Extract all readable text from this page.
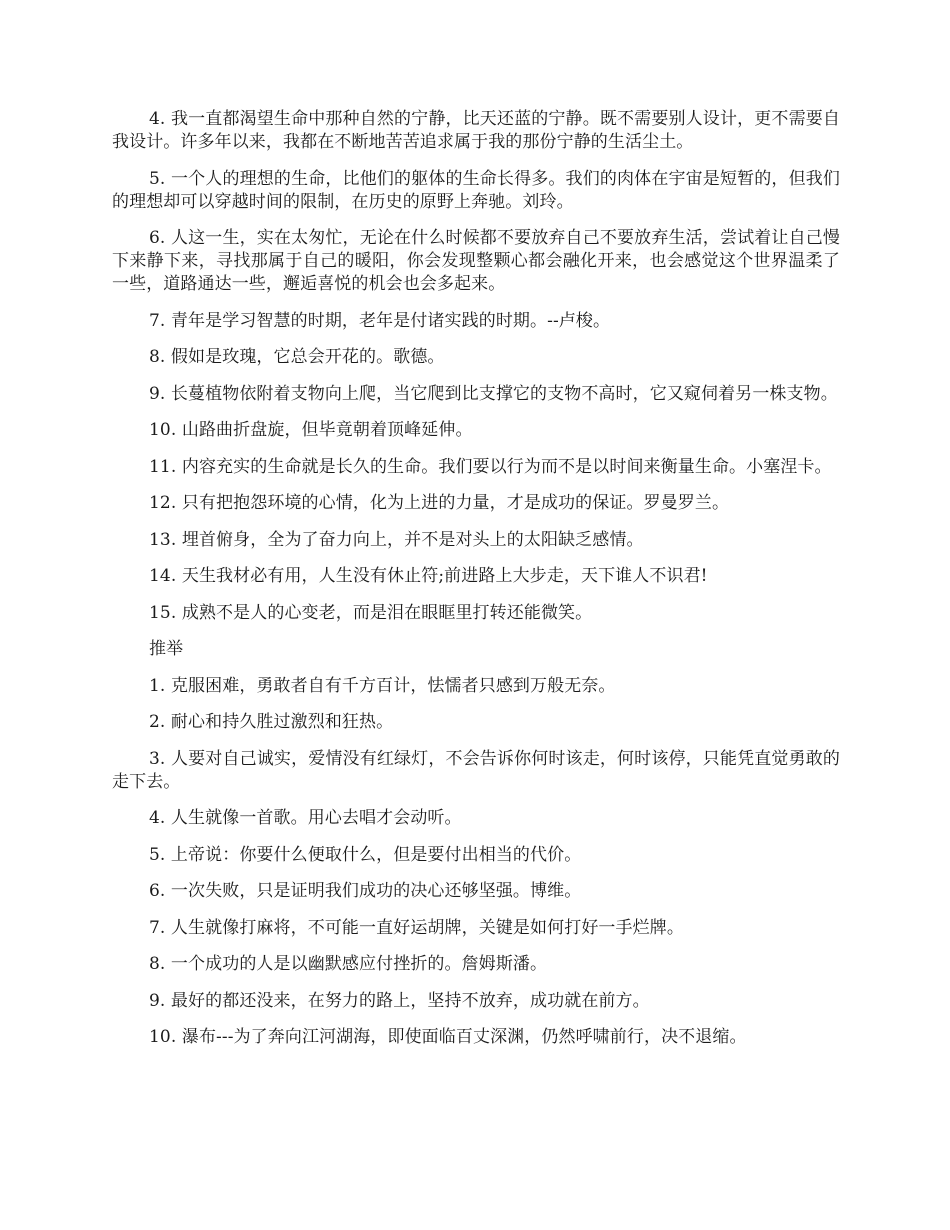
4. 我一直都渴望生命中那种自然的宁静，比天还蓝的宁静。既不需要别人设计，更不需要自我设计。许多年以来，我都在不断地苦苦追求属于我的那份宁静的生活尘土。

5. 一个人的理想的生命，比他们的躯体的生命长得多。我们的肉体在宇宙是短暂的，但我们的理想却可以穿越时间的限制，在历史的原野上奔驰。刘玲。

6. 人这一生，实在太匆忙，无论在什么时候都不要放弃自己不要放弃生活，尝试着让自己慢下来静下来，寻找那属于自己的暖阳，你会发现整颗心都会融化开来，也会感觉这个世界温柔了一些，道路通达一些，邂逅喜悦的机会也会多起来。

7. 青年是学习智慧的时期，老年是付诸实践的时期。--卢梭。

8. 假如是玫瑰，它总会开花的。歌德。

9. 长蔓植物依附着支物向上爬，当它爬到比支撑它的支物不高时，它又窥伺着另一株支物。

10. 山路曲折盘旋，但毕竟朝着顶峰延伸。

11. 内容充实的生命就是长久的生命。我们要以行为而不是以时间来衡量生命。小塞涅卡。

12. 只有把抱怨环境的心情，化为上进的力量，才是成功的保证。罗曼罗兰。

13. 埋首俯身，全为了奋力向上，并不是对头上的太阳缺乏感情。

14. 天生我材必有用，人生没有休止符;前进路上大步走，天下谁人不识君!

15. 成熟不是人的心变老，而是泪在眼眶里打转还能微笑。

推举

1. 克服困难，勇敢者自有千方百计，怯懦者只感到万般无奈。

2. 耐心和持久胜过激烈和狂热。

3. 人要对自己诚实，爱情没有红绿灯，不会告诉你何时该走，何时该停，只能凭直觉勇敢的走下去。

4. 人生就像一首歌。用心去唱才会动听。

5. 上帝说：你要什么便取什么，但是要付出相当的代价。

6. 一次失败，只是证明我们成功的决心还够坚强。博维。

7. 人生就像打麻将，不可能一直好运胡牌，关键是如何打好一手烂牌。

8. 一个成功的人是以幽默感应付挫折的。詹姆斯潘。

9. 最好的都还没来，在努力的路上，坚持不放弃，成功就在前方。

10. 瀑布---为了奔向江河湖海，即使面临百丈深渊，仍然呼啸前行，决不退缩。
